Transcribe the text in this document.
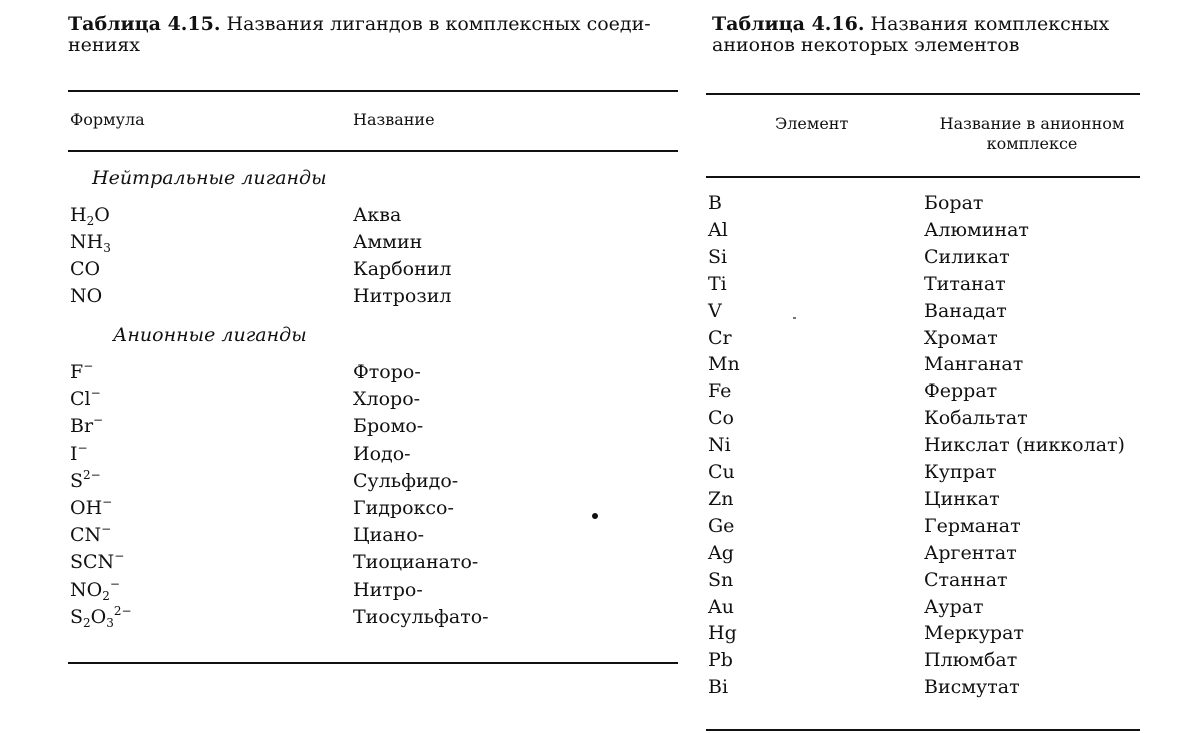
Таблица 4.15. Названия лигандов в комплексных соеди-
нениях
Таблица 4.16. Названия комплексных
анионов некоторых элементов
Формула	Название
Нейтральные лиганды
$H_2O$	Аква
$NH_3$	Аммин
CO	Карбонил
NO	Нитрозил
Анионные лиганды
F−	Фторо-
Cl−	Хлоро-
Br−	Бромо-
I−	Иодо-
$S^{2-}$	Сульфидо-
OH−	Гидроксо-
CN−	Циано-
SCN−	Тиоцианато-
$NO_2^-$	Нитро-
$S_2O_3^{2-}$	Тиосульфато-
Элемент	Название в анионном
комплексе
B	Борат
Al	Алюминат
Si	Силикат
Ti	Титанат
V	Ванадат
Cr	Хромат
Mn	Манганат
Fe	Феррат
Co	Кобальтат
Ni	Никслат (никколат)
Cu	Купрат
Zn	Цинкат
Ge	Германат
Ag	Аргентат
Sn	Станнат
Au	Аурат
Hg	Меркурат
Pb	Плюмбат
Bi	Висмутат
